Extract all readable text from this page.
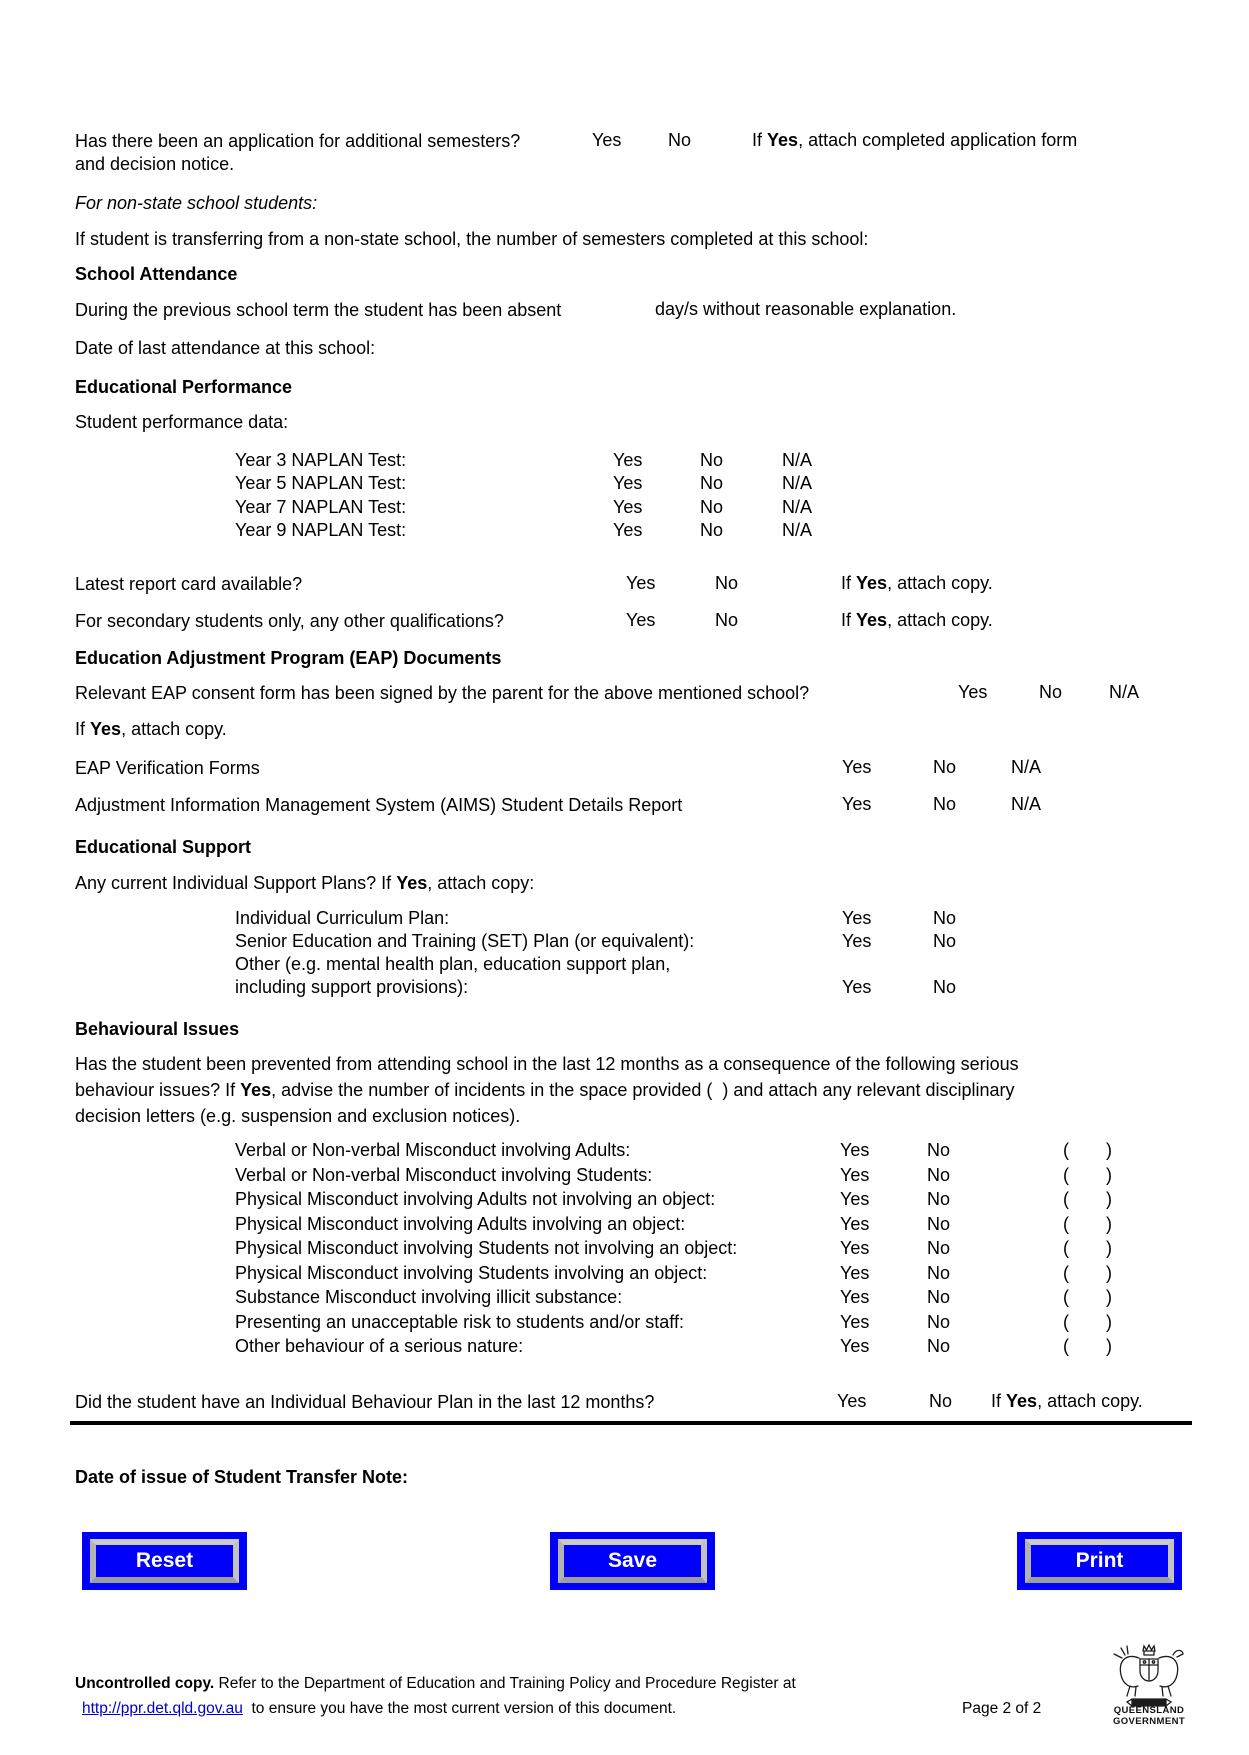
Has there been an application for additional semesters?	Yes	No	If Yes, attach completed application form
and decision notice.
For non-state school students:
If student is transferring from a non-state school, the number of semesters completed at this school:
School Attendance
During the previous school term the student has been absent	day/s without reasonable explanation.
Date of last attendance at this school:
Educational Performance
Student performance data:
Year 3 NAPLAN Test:	Yes	No	N/A
Year 5 NAPLAN Test:	Yes	No	N/A
Year 7 NAPLAN Test:	Yes	No	N/A
Year 9 NAPLAN Test:	Yes	No	N/A
Latest report card available?	Yes	No	If Yes, attach copy.
For secondary students only, any other qualifications?	Yes	No	If Yes, attach copy.
Education Adjustment Program (EAP) Documents
Relevant EAP consent form has been signed by the parent for the above mentioned school?	Yes	No	N/A
If Yes, attach copy.
EAP Verification Forms	Yes	No	N/A
Adjustment Information Management System (AIMS) Student Details Report	Yes	No	N/A
Educational Support
Any current Individual Support Plans? If Yes, attach copy:
Individual Curriculum Plan:	Yes	No
Senior Education and Training (SET) Plan (or equivalent):	Yes	No
Other (e.g. mental health plan, education support plan,
including support provisions):	Yes	No
Behavioural Issues
Has the student been prevented from attending school in the last 12 months as a consequence of the following serious
behaviour issues? If Yes, advise the number of incidents in the space provided (  ) and attach any relevant disciplinary
decision letters (e.g. suspension and exclusion notices).
Verbal or Non-verbal Misconduct involving Adults:	Yes	No	( )
Verbal or Non-verbal Misconduct involving Students:	Yes	No	( )
Physical Misconduct involving Adults not involving an object:	Yes	No	( )
Physical Misconduct involving Adults involving an object:	Yes	No	( )
Physical Misconduct involving Students not involving an object:	Yes	No	( )
Physical Misconduct involving Students involving an object:	Yes	No	( )
Substance Misconduct involving illicit substance:	Yes	No	( )
Presenting an unacceptable risk to students and/or staff:	Yes	No	( )
Other behaviour of a serious nature:	Yes	No	( )
Did the student have an Individual Behaviour Plan in the last 12 months?	Yes	No If Yes, attach copy.
Date of issue of Student Transfer Note:
Reset	Save	Print
Uncontrolled copy. Refer to the Department of Education and Training Policy and Procedure Register at
http://ppr.det.qld.gov.au  to ensure you have the most current version of this document.	Page 2 of 2	QUEENSLAND
GOVERNMENT
